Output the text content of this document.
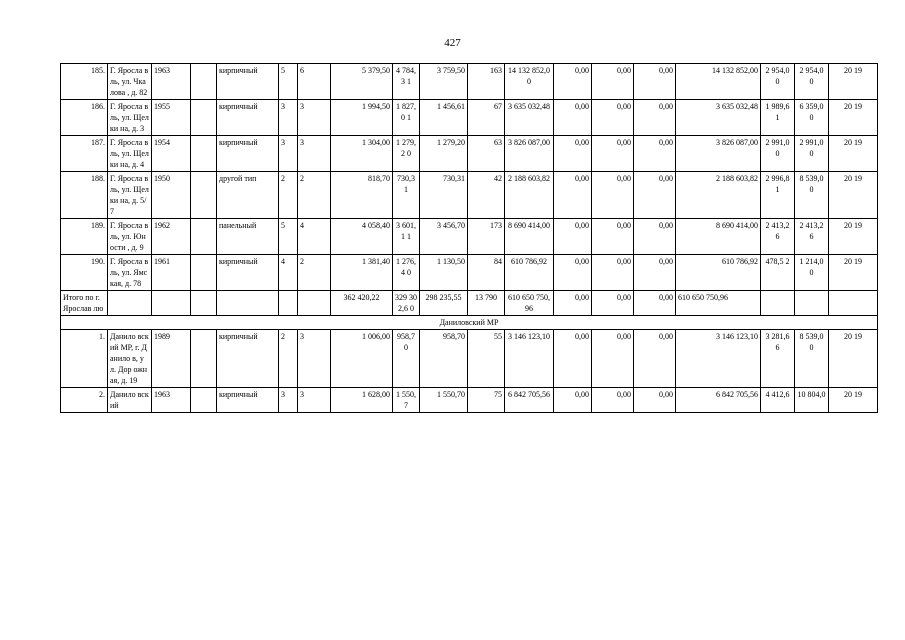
427
185.	Г. Яросла вль, ул. Чкалова , д. 82	1963		кирпичный	5	6	5 379,50	4 784,3 1	3 759,50	163	14 132 852,00	0,00	0,00	0,00	14 132 852,00	2 954,0 0	2 954,0 0	20 19
186.	Г. Яросла вль, ул. Щелки на, д. 3	1955		кирпичный	3	3	1 994,50	1 827,0 1	1 456,61	67	3 635 032,48	0,00	0,00	0,00	3 635 032,48	1 989,6 1	6 359,0 0	20 19
187.	Г. Яросла вль, ул. Щелки на, д. 4	1954		кирпичный	3	3	1 304,00	1 279,2 0	1 279,20	63	3 826 087,00	0,00	0,00	0,00	3 826 087,00	2 991,0 0	2 991,0 0	20 19
188.	Г. Яросла вль, ул. Щелки на, д. 5/7	1950		другой тип	2	2	818,70	730,3 1	730,31	42	2 188 603,82	0,00	0,00	0,00	2 188 603,82	2 996,8 1	8 539,0 0	20 19
189.	Г. Яросла вль, ул. Юности , д. 9	1962		панельный	5	4	4 058,40	3 601,1 1	3 456,70	173	8 690 414,00	0,00	0,00	0,00	8 690 414,00	2 413,2 6	2 413,2 6	20 19
190.	Г. Яросла вль, ул. Ямская, д. 78	1961		кирпичный	4	2	1 381,40	1 276,4 0	1 130,50	84	610 786,92	0,00	0,00	0,00	610 786,92	478,5 2	1 214,0 0	20 19
Итого по г. Ярослав лю							362 420,22	329 302,6 0	298 235,55	13 790	610 650 750,96	0,00	0,00	0,00	610 650 750,96			
Даниловский МР																		
1.	Данило вский МР, г. Данило в, ул. Дор ожная, д. 19	1989		кирпичный	2	3	1 006,00	958,7 0	958,70	55	3 146 123,10	0,00	0,00	0,00	3 146 123,10	3 281,6 6	8 539,0 0	20 19

2.	Данило вский	1963		кирпичный	3	3	1 628,00	1 550,7	1 550,70	75	6 842 705,56	0,00	0,00	0,00	6 842 705,56	4 412,6	10 804,0	20 19
